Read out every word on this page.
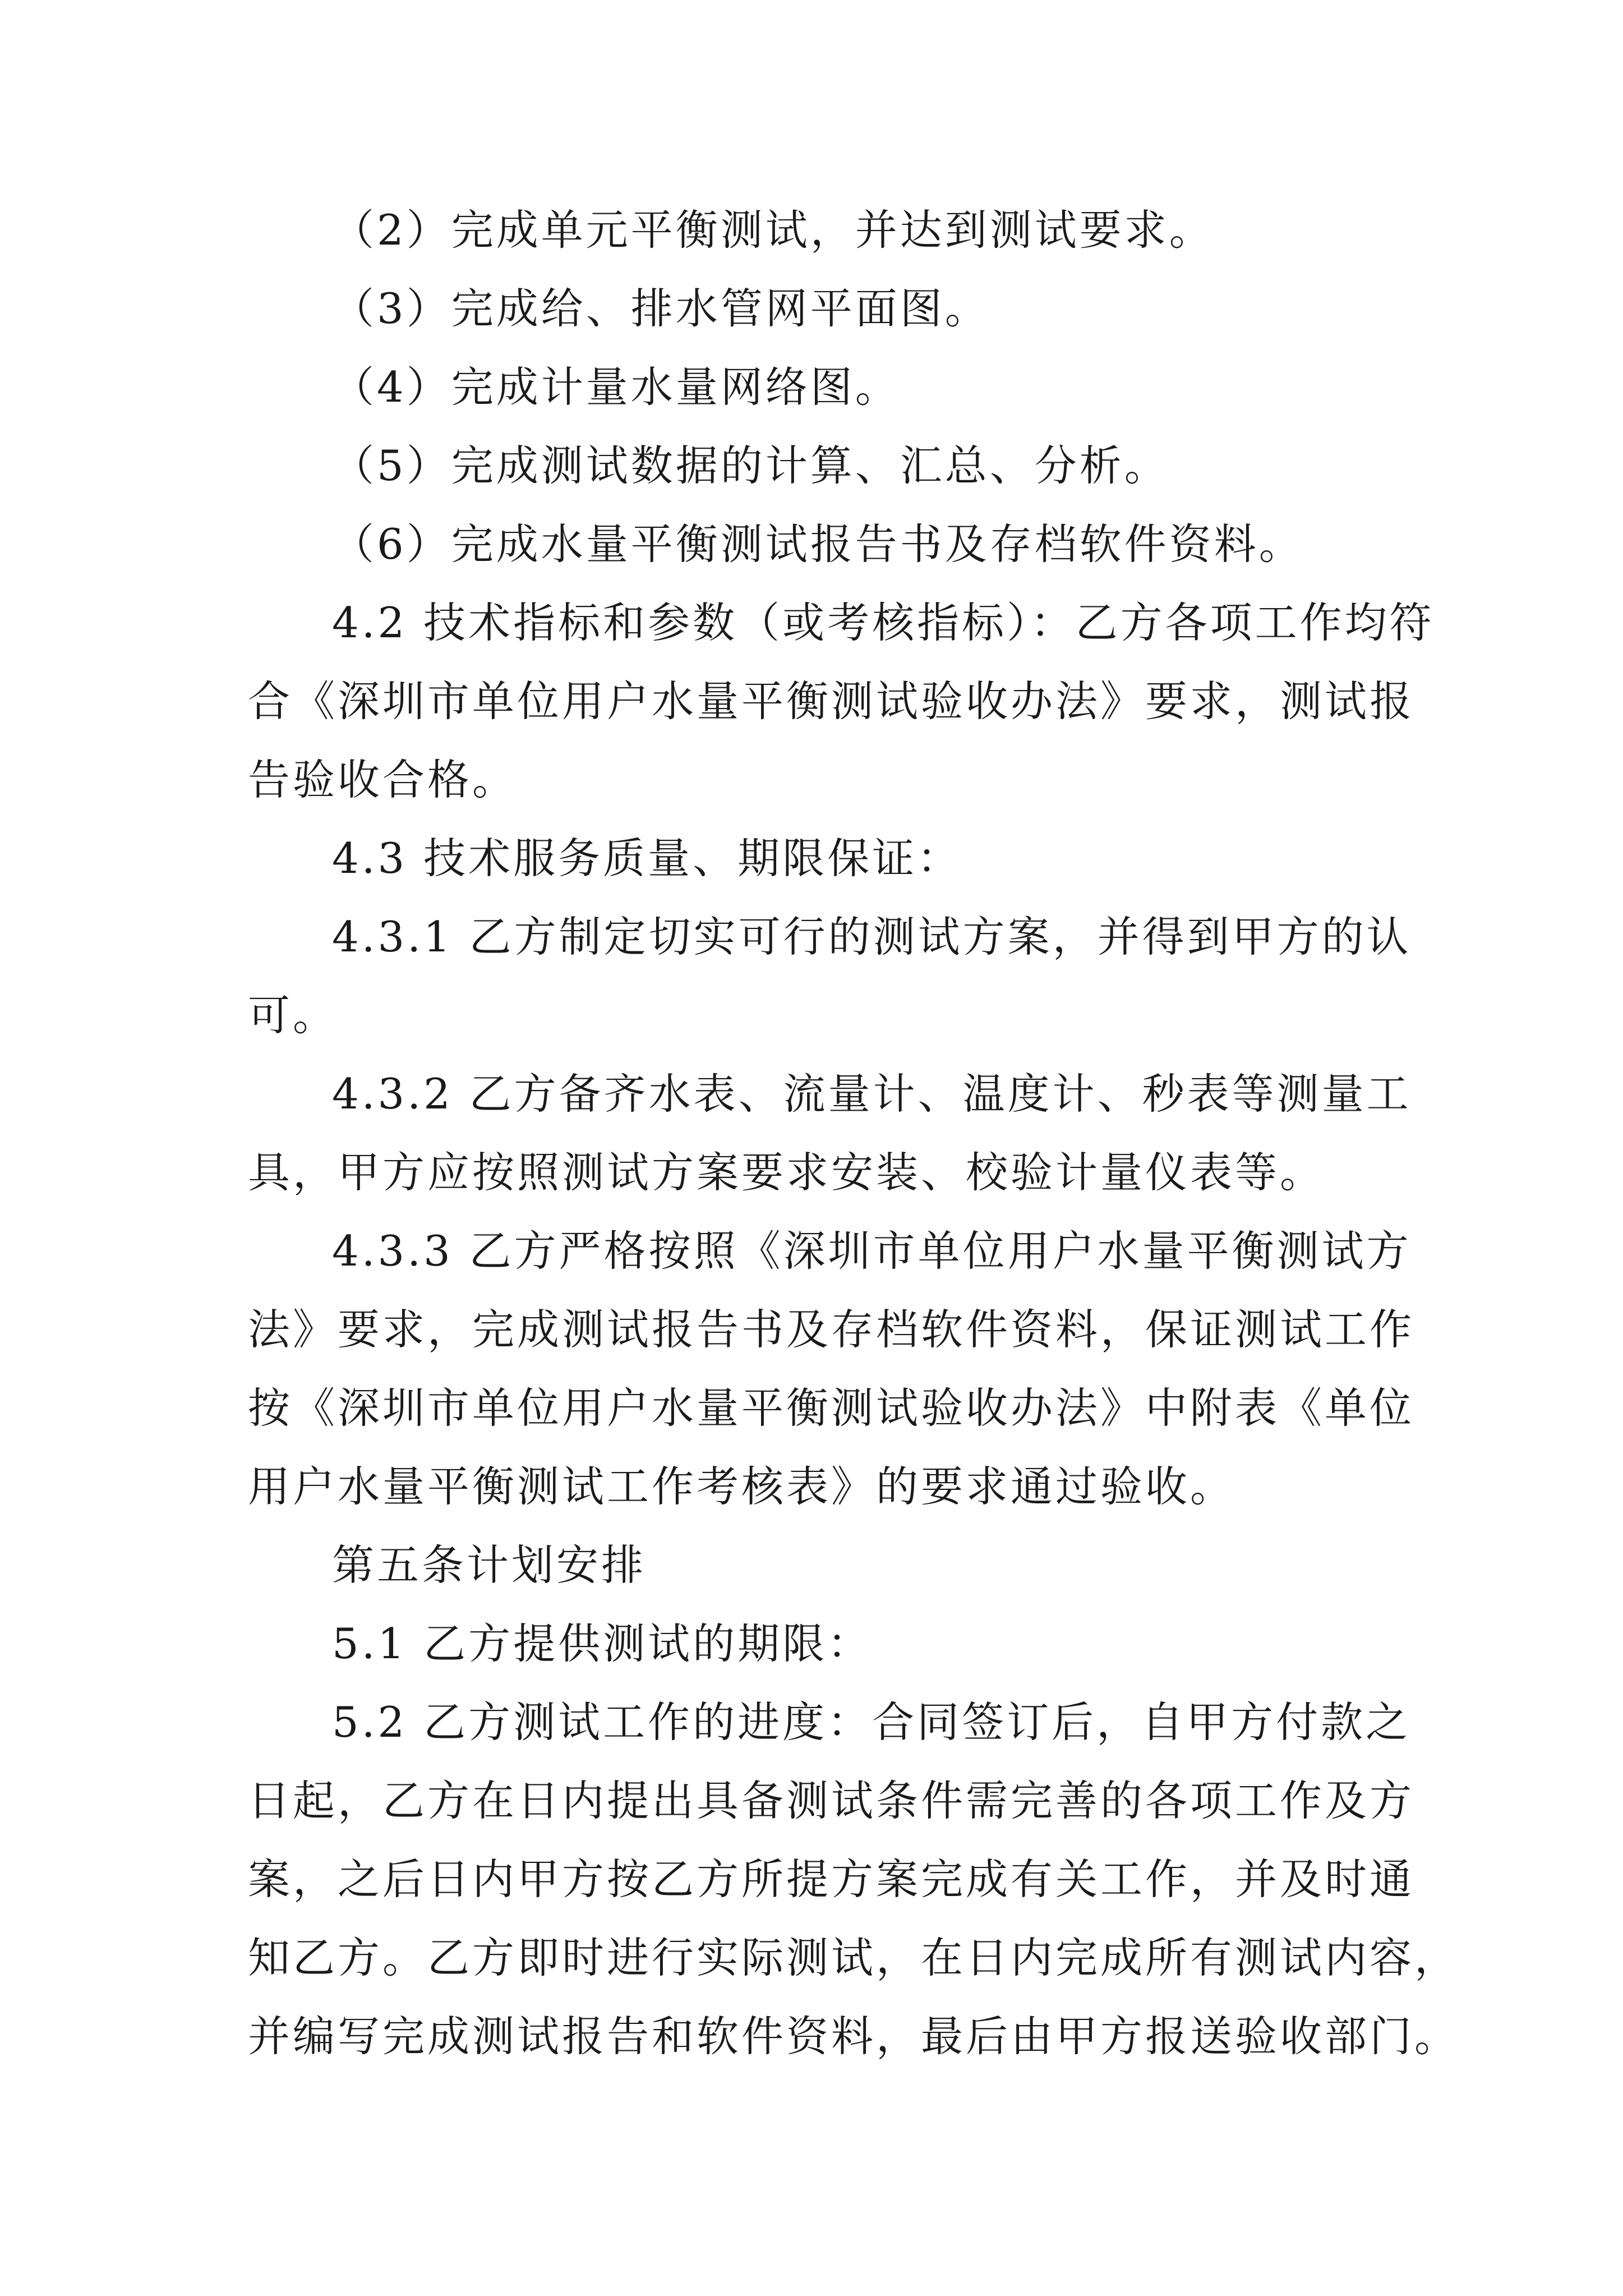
（2）完成单元平衡测试，并达到测试要求。
（3）完成给、排水管网平面图。
（4）完成计量水量网络图。
（5）完成测试数据的计算、汇总、分析。
（6）完成水量平衡测试报告书及存档软件资料。
4.2 技术指标和参数（或考核指标）：乙方各项工作均符
合《深圳市单位用户水量平衡测试验收办法》要求，测试报
告验收合格。
4.3 技术服务质量、期限保证：
4.3.1 乙方制定切实可行的测试方案，并得到甲方的认
可。
4.3.2 乙方备齐水表、流量计、温度计、秒表等测量工
具，甲方应按照测试方案要求安装、校验计量仪表等。
4.3.3 乙方严格按照《深圳市单位用户水量平衡测试方
法》要求，完成测试报告书及存档软件资料，保证测试工作
按《深圳市单位用户水量平衡测试验收办法》中附表《单位
用户水量平衡测试工作考核表》的要求通过验收。
第五条计划安排
5.1 乙方提供测试的期限：
5.2 乙方测试工作的进度：合同签订后，自甲方付款之
日起，乙方在日内提出具备测试条件需完善的各项工作及方
案，之后日内甲方按乙方所提方案完成有关工作，并及时通
知乙方。乙方即时进行实际测试，在日内完成所有测试内容，
并编写完成测试报告和软件资料，最后由甲方报送验收部门。
